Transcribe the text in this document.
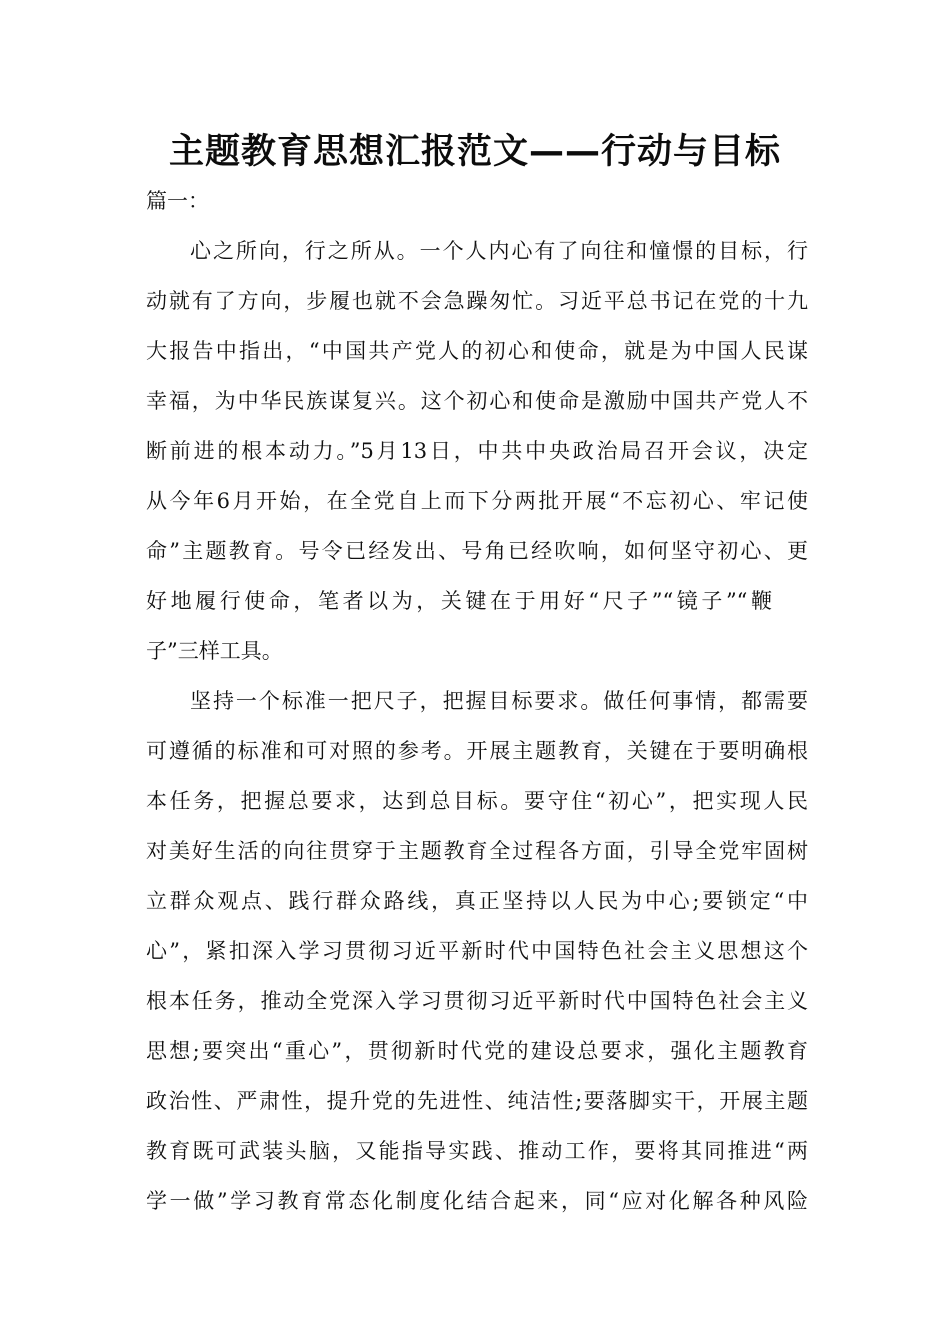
主题教育思想汇报范文——行动与目标

篇一：

心之所向，行之所从。一个人内心有了向往和憧憬的目标，行

动就有了方向，步履也就不会急躁匆忙。习近平总书记在党的十九

大报告中指出，“中国共产党人的初心和使命，就是为中国人民谋

幸福，为中华民族谋复兴。这个初心和使命是激励中国共产党人不

断前进的根本动力。”5月13日，中共中央政治局召开会议，决定

从今年6月开始，在全党自上而下分两批开展“不忘初心、牢记使

命”主题教育。号令已经发出、号角已经吹响，如何坚守初心、更

好地履行使命，笔者以为，关键在于用好“尺子”“镜子”“鞭

子”三样工具。

坚持一个标准一把尺子，把握目标要求。做任何事情，都需要

可遵循的标准和可对照的参考。开展主题教育，关键在于要明确根

本任务，把握总要求，达到总目标。要守住“初心”，把实现人民

对美好生活的向往贯穿于主题教育全过程各方面，引导全党牢固树

立群众观点、践行群众路线，真正坚持以人民为中心;要锁定“中

心”，紧扣深入学习贯彻习近平新时代中国特色社会主义思想这个

根本任务，推动全党深入学习贯彻习近平新时代中国特色社会主义

思想;要突出“重心”，贯彻新时代党的建设总要求，强化主题教育

政治性、严肃性，提升党的先进性、纯洁性;要落脚实干，开展主题

教育既可武装头脑，又能指导实践、推动工作，要将其同推进“两

学一做”学习教育常态化制度化结合起来，同“应对化解各种风险
